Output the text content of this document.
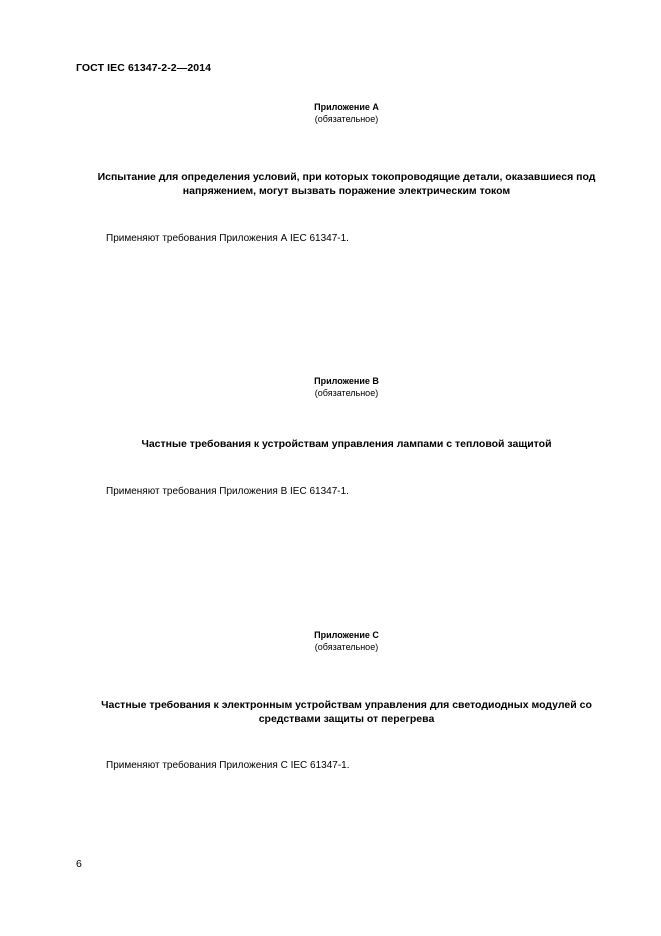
ГОСТ IEC 61347-2-2—2014
Приложение А
(обязательное)
Испытание для определения условий, при которых токопроводящие детали, оказавшиеся под напряжением, могут вызвать поражение электрическим током
Применяют требования Приложения А IEC 61347-1.
Приложение В
(обязательное)
Частные требования к устройствам управления лампами с тепловой защитой
Применяют требования Приложения В IEC 61347-1.
Приложение С
(обязательное)
Частные требования к электронным устройствам управления для светодиодных модулей со средствами защиты от перегрева
Применяют требования Приложения С IEC 61347-1.
6
